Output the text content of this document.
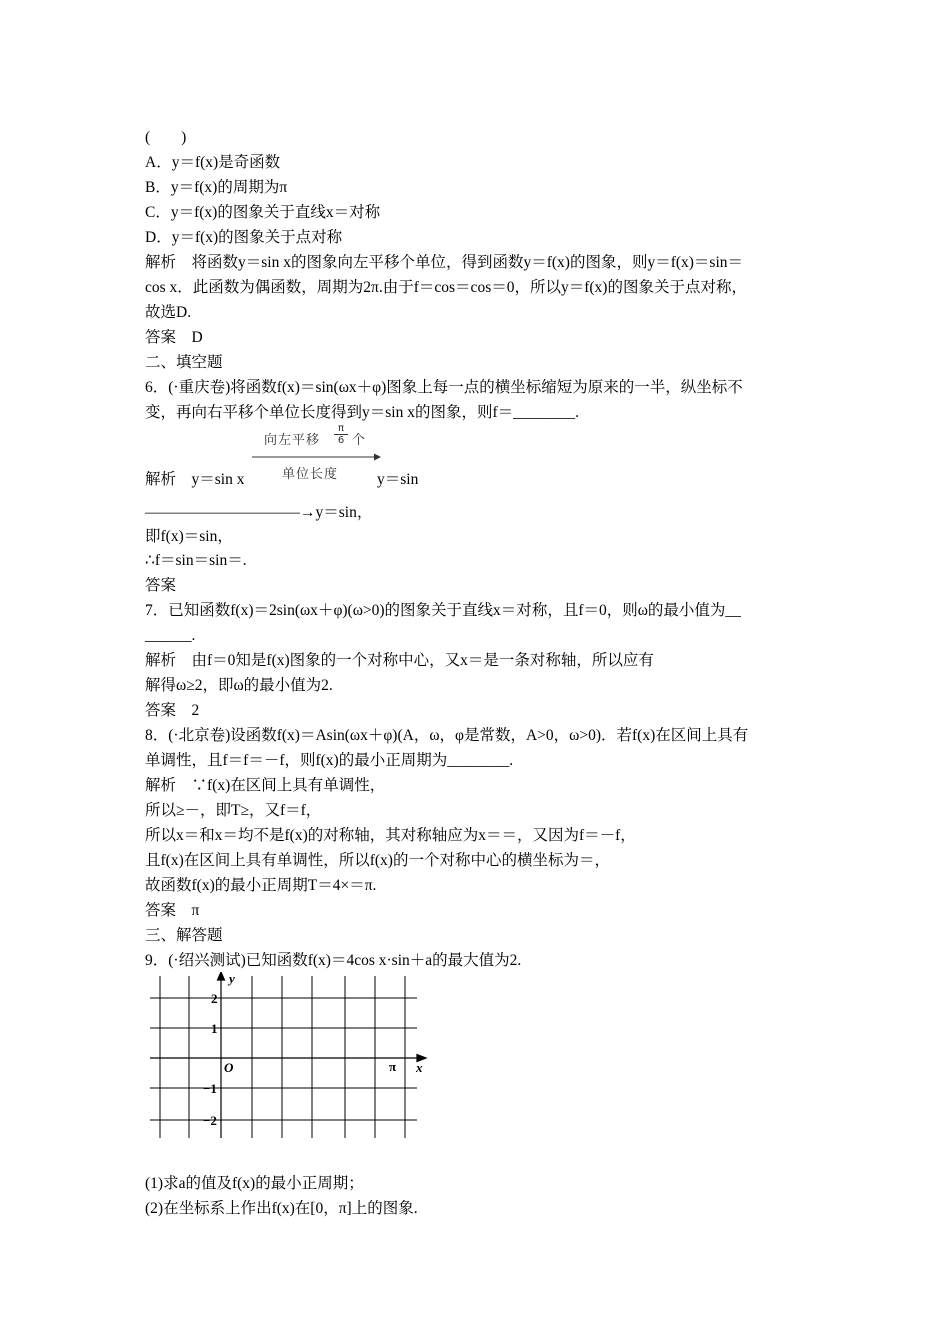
(　　)
A．y＝f(x)是奇函数
B．y＝f(x)的周期为π
C．y＝f(x)的图象关于直线x＝对称
D．y＝f(x)的图象关于点对称
解析　将函数y＝sin x的图象向左平移个单位，得到函数y＝f(x)的图象，则y＝f(x)＝sin＝
cos x．此函数为偶函数，周期为2π.由于f＝cos＝cos＝0，所以y＝f(x)的图象关于点对称，
故选D.
答案　D
二、填空题
6．(·重庆卷)将函数f(x)＝sin(ωx＋φ)图象上每一点的横坐标缩短为原来的一半，纵坐标不
变，再向右平移个单位长度得到y＝sin x的图象，则f＝________.
解析　y＝sin x
向左平移 $\frac{\pi}{6}$ 个
单位长度	y＝sin
——————————→y＝sin，
即f(x)＝sin，
∴f＝sin＝sin＝.
答案
7．已知函数f(x)＝2sin(ωx＋φ)(ω>0)的图象关于直线x＝对称，且f＝0，则ω的最小值为__
______.
解析　由f＝0知是f(x)图象的一个对称中心，又x＝是一条对称轴，所以应有
解得ω≥2，即ω的最小值为2.
答案　2
8．(·北京卷)设函数f(x)＝Asin(ωx＋φ)(A，ω，φ是常数，A>0，ω>0)．若f(x)在区间上具有
单调性，且f＝f＝－f，则f(x)的最小正周期为________.
解析　∵f(x)在区间上具有单调性，
所以≥－，即T≥，又f＝f，
所以x＝和x＝均不是f(x)的对称轴，其对称轴应为x＝＝，又因为f＝－f，
且f(x)在区间上具有单调性，所以f(x)的一个对称中心的横坐标为＝，
故函数f(x)的最小正周期T＝4×＝π.
答案　π
三、解答题
9．(·绍兴测试)已知函数f(x)＝4cos x·sin＋a的最大值为2.
y
x
O	π
2
1
−1
−2
(1)求a的值及f(x)的最小正周期；
(2)在坐标系上作出f(x)在[0，π]上的图象.
